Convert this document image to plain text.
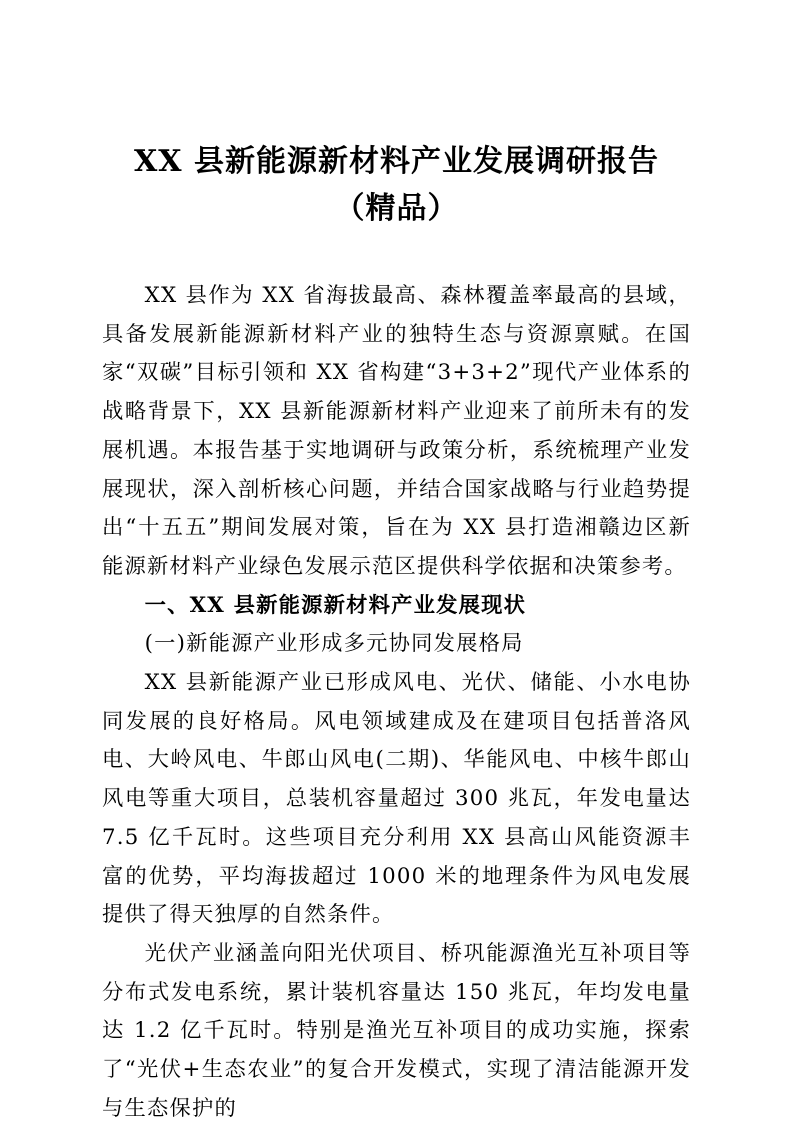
XX 县新能源新材料产业发展调研报告
（精品）

XX 县作为 XX 省海拔最高、森林覆盖率最高的县域，具备发展新能源新材料产业的独特生态与资源禀赋。在国家“双碳”目标引领和 XX 省构建“3+3+2”现代产业体系的战略背景下，XX 县新能源新材料产业迎来了前所未有的发展机遇。本报告基于实地调研与政策分析，系统梳理产业发展现状，深入剖析核心问题，并结合国家战略与行业趋势提出“十五五”期间发展对策，旨在为 XX 县打造湘赣边区新能源新材料产业绿色发展示范区提供科学依据和决策参考。

一、XX 县新能源新材料产业发展现状
(一)新能源产业形成多元协同发展格局

XX 县新能源产业已形成风电、光伏、储能、小水电协同发展的良好格局。风电领域建成及在建项目包括普洛风电、大岭风电、牛郎山风电(二期)、华能风电、中核牛郎山风电等重大项目，总装机容量超过 300 兆瓦，年发电量达 7.5 亿千瓦时。这些项目充分利用 XX 县高山风能资源丰富的优势，平均海拔超过 1000 米的地理条件为风电发展提供了得天独厚的自然条件。

光伏产业涵盖向阳光伏项目、桥巩能源渔光互补项目等分布式发电系统，累计装机容量达 150 兆瓦，年均发电量达 1.2 亿千瓦时。特别是渔光互补项目的成功实施，探索了“光伏+生态农业”的复合开发模式，实现了清洁能源开发与生态保护的
